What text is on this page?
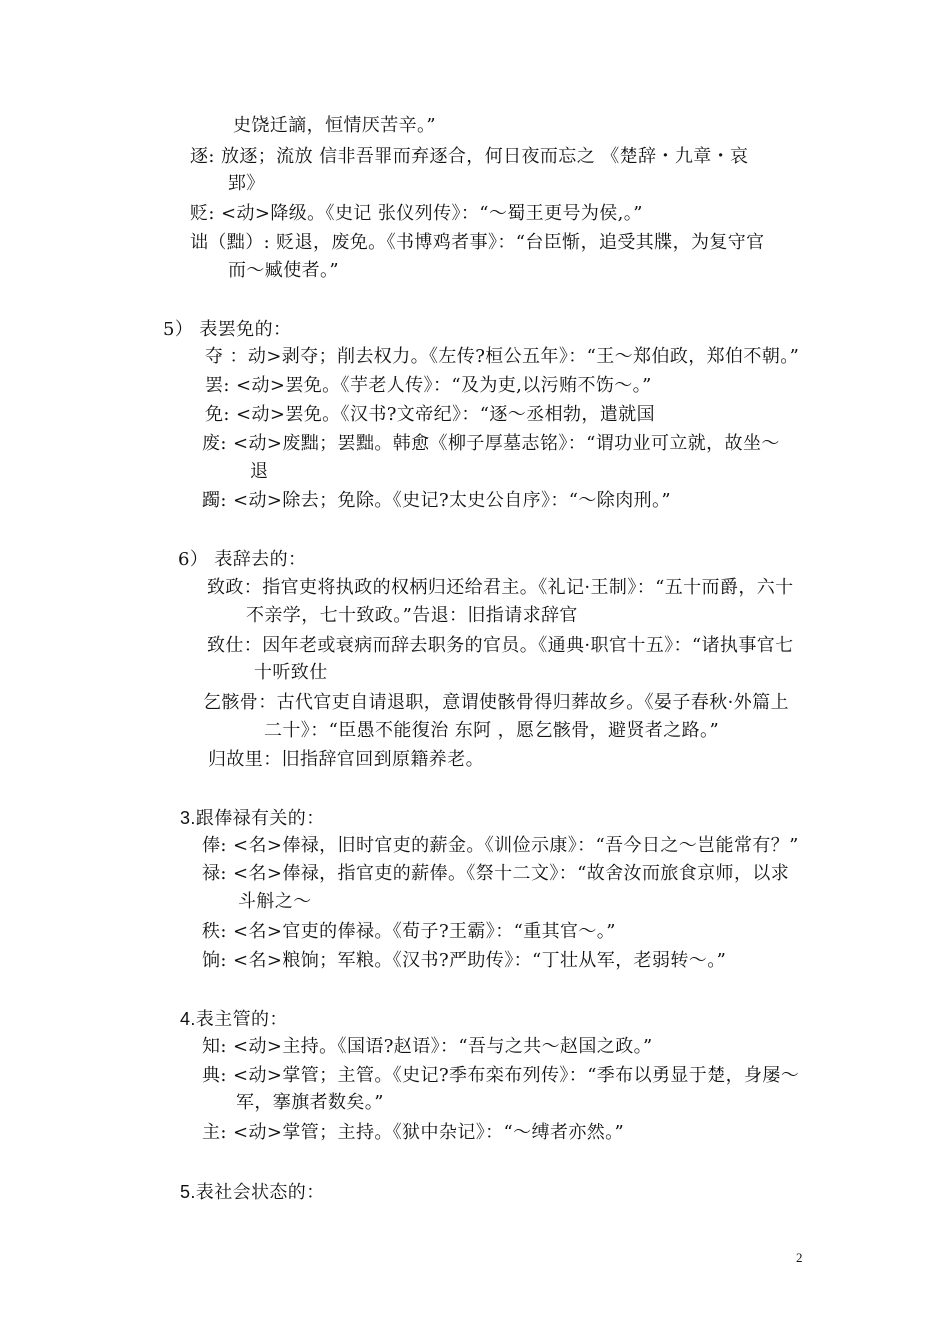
史饶迁謫，恒情厌苦辛。”

逐: 放逐；流放 信非吾罪而弃逐合，何日夜而忘之 《楚辞・九章・哀

郢》

贬: <动>降级。《史记 张仪列传》：“～蜀王更号为侯,。”

诎（黜）: 贬退，废免。《书博鸡者事》：“台臣惭，追受其牒，为复守官

而～臧使者。”

5） 表罢免的：

夺 ：动>剥夺；削去权力。《左传?桓公五年》：“王～郑伯政，郑伯不朝。”

罢: <动>罢免。《芋老人传》：“及为吏,以污贿不饬～。”

免: <动>罢免。《汉书?文帝纪》：“逐～丞相勃，遣就国

废: <动>废黜；罢黜。韩愈《柳子厚墓志铭》：“谓功业可立就，故坐～

退

躅: <动>除去；免除。《史记?太史公自序》：“～除肉刑。”

6） 表辞去的：

致政：指官吏将执政的权柄归还给君主。《礼记·王制》：“五十而爵，六十

不亲学，七十致政。”告退：旧指请求辞官

致仕：因年老或衰病而辞去职务的官员。《通典·职官十五》：“诸执事官七

十听致仕

乞骸骨：古代官吏自请退职，意谓使骸骨得归葬故乡。《晏子春秋·外篇上

二十》：“臣愚不能復治 东阿 ，愿乞骸骨，避贤者之路。”

归故里：旧指辞官回到原籍养老。

3.跟俸禄有关的：

俸: <名>俸禄，旧时官吏的薪金。《训俭示康》：“吾今日之～岂能常有？”

禄: <名>俸禄，指官吏的薪俸。《祭十二文》：“故舍汝而旅食京师，以求

斗斛之～

秩: <名>官吏的俸禄。《荀子?王霸》：“重其官～。”

饷: <名>粮饷；军粮。《汉书?严助传》：“丁壮从军，老弱转～。”

4.表主管的：

知: <动>主持。《国语?赵语》：“吾与之共～赵国之政。”

典: <动>掌管；主管。《史记?季布栾布列传》：“季布以勇显于楚，身屡～

军，搴旗者数矣。”

主: <动>掌管；主持。《狱中杂记》：“～缚者亦然。”

5.表社会状态的：

2
